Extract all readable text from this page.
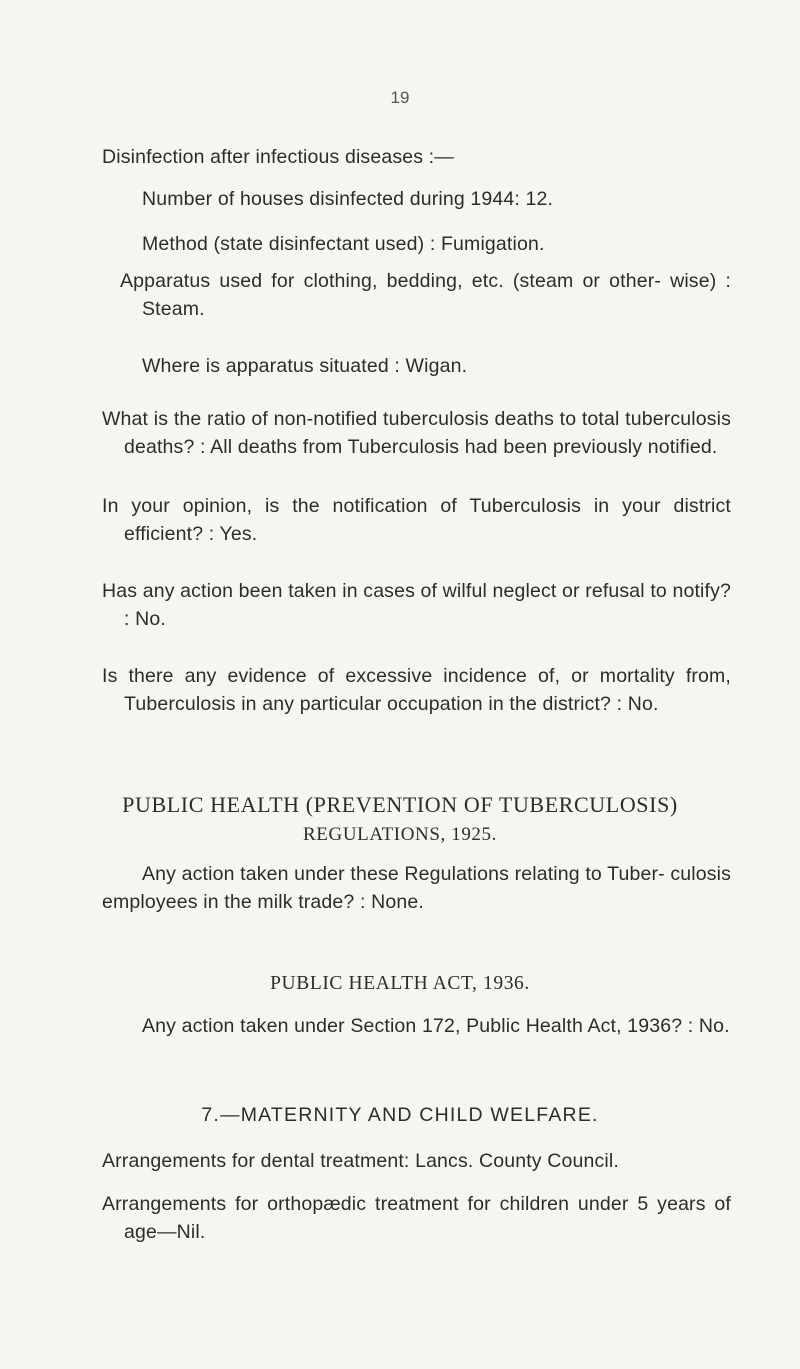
19

Disinfection after infectious diseases :—

Number of houses disinfected during 1944: 12.

Method (state disinfectant used) : Fumigation.

Apparatus used for clothing, bedding, etc. (steam or other- wise) : Steam.

Where is apparatus situated : Wigan.

What is the ratio of non-notified tuberculosis deaths to total tuberculosis deaths? : All deaths from Tuberculosis had been previously notified.

In your opinion, is the notification of Tuberculosis in your district efficient? : Yes.

Has any action been taken in cases of wilful neglect or refusal to notify? : No.

Is there any evidence of excessive incidence of, or mortality from, Tuberculosis in any particular occupation in the district? : No.

PUBLIC HEALTH (PREVENTION OF TUBERCULOSIS)

REGULATIONS, 1925.

Any action taken under these Regulations relating to Tuber- culosis employees in the milk trade? : None.

PUBLIC HEALTH ACT, 1936.

Any action taken under Section 172, Public Health Act, 1936? : No.

7.—MATERNITY AND CHILD WELFARE.

Arrangements for dental treatment: Lancs. County Council.

Arrangements for orthopædic treatment for children under 5 years of age—Nil.
